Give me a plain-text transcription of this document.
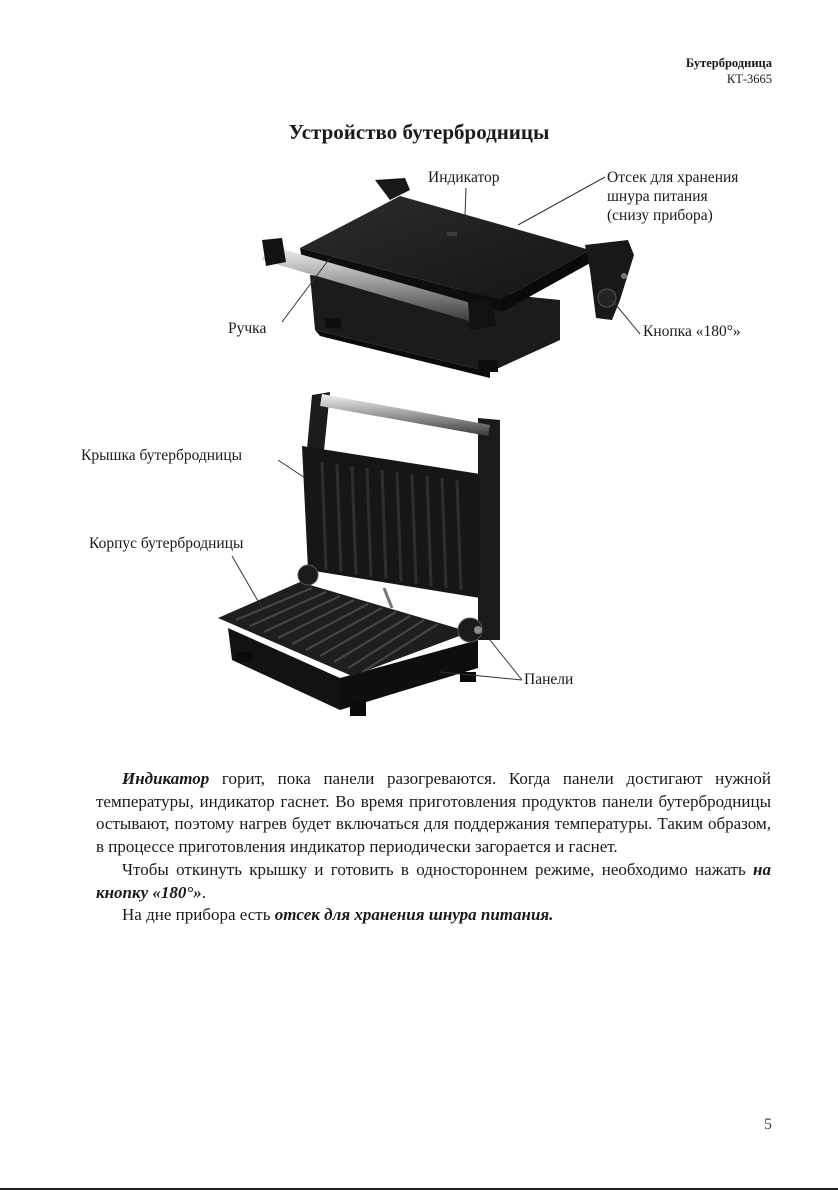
Бутербродница
КТ-3665
Устройство бутербродницы
Индикатор	Отсек для хранения
шнура питания
(снизу прибора)
Ручка	Кнопка «180°»
Крышка бутербродницы
Корпус бутербродницы
Панели

Индикатор горит, пока панели разогреваются. Когда панели достигают нужной температуры, индикатор гаснет. Во время приготовления продуктов панели бутербродницы остывают, поэтому нагрев будет включаться для поддержания температуры. Таким образом, в процессе приготовления индикатор периодически загорается и гаснет.

Чтобы откинуть крышку и готовить в одностороннем режиме, необходимо нажать на кнопку «180°».

На дне прибора есть отсек для хранения шнура питания.

5
